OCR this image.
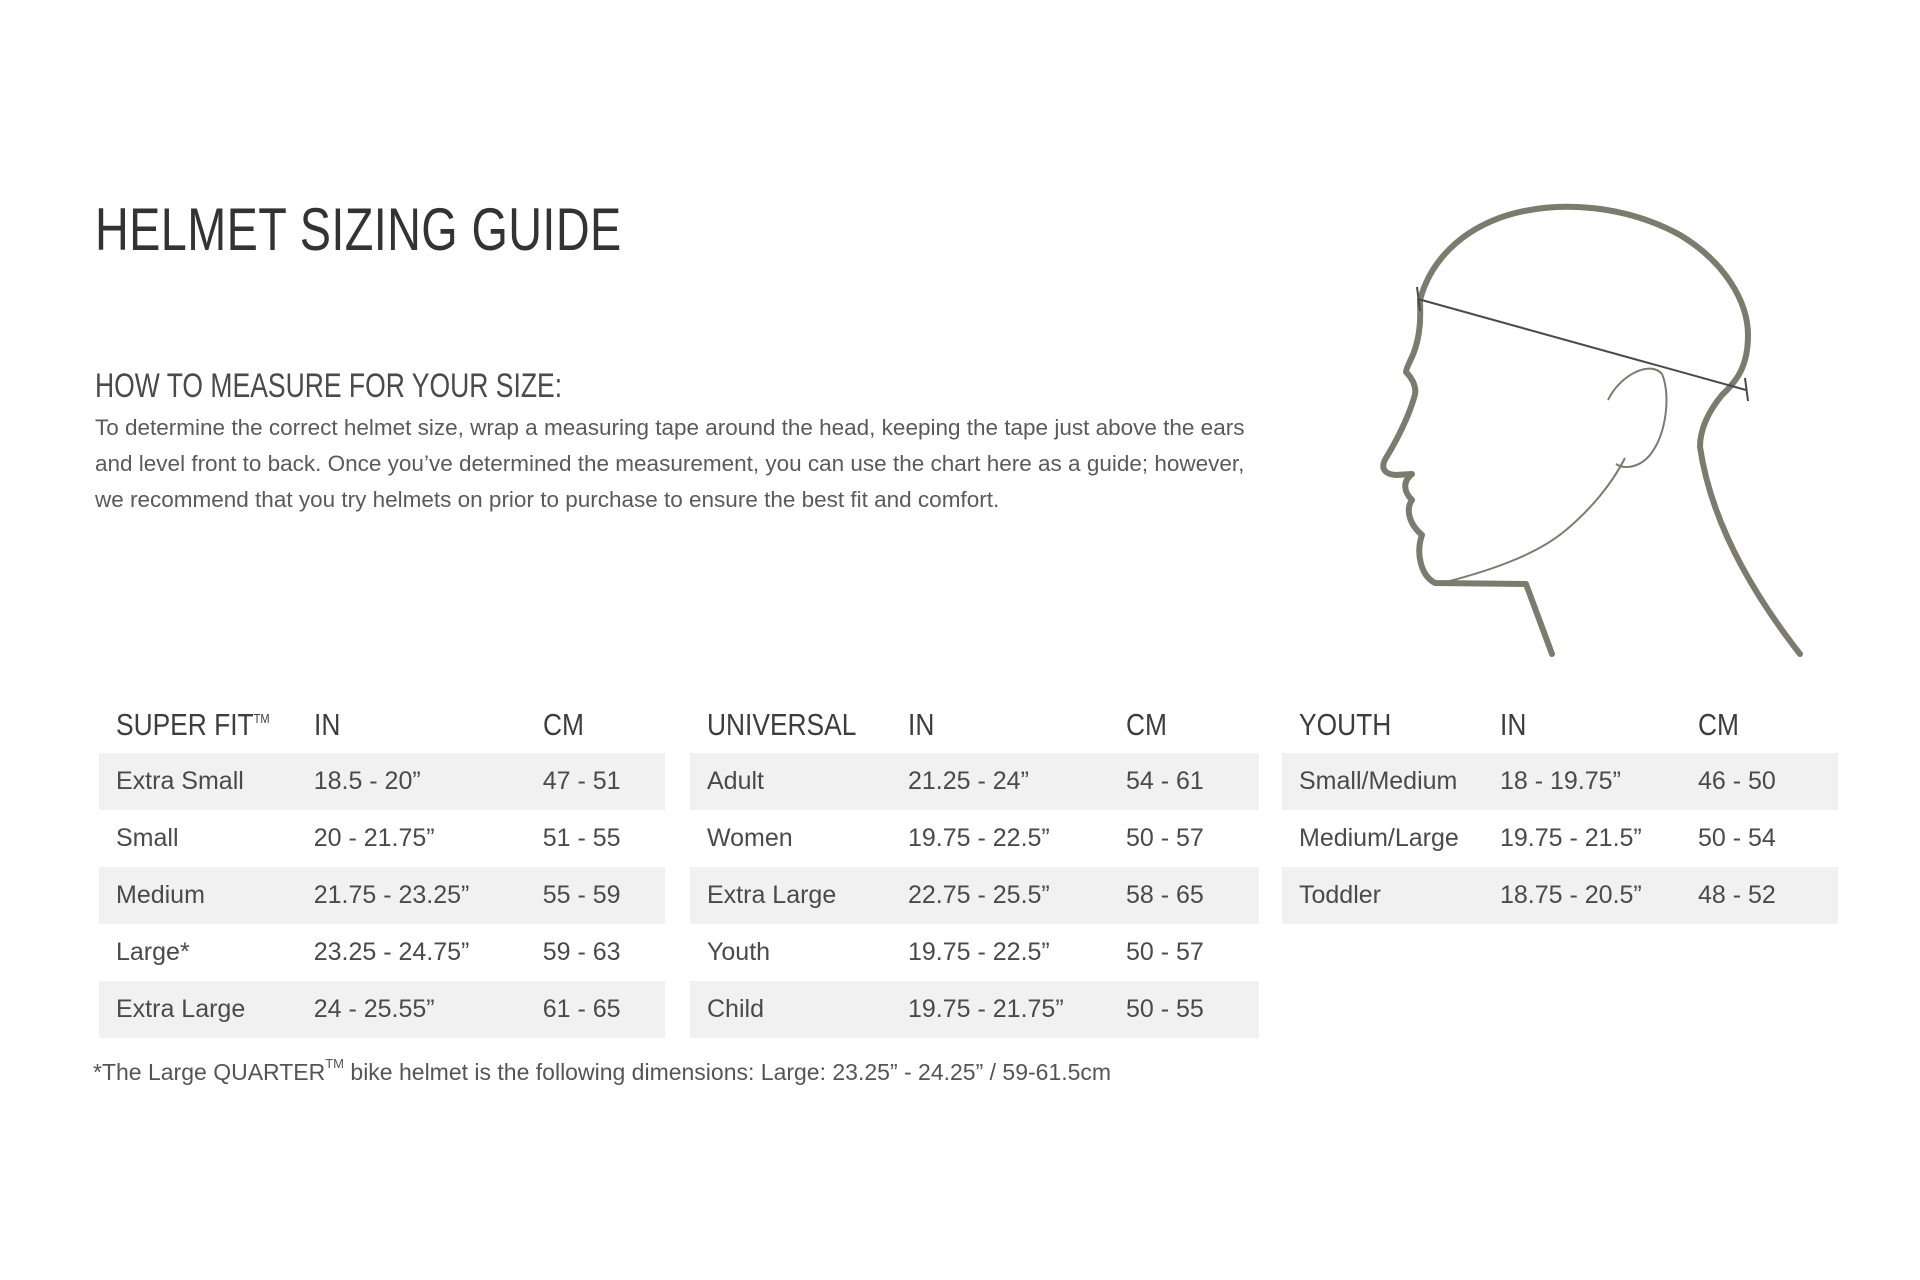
HELMET SIZING GUIDE
HOW TO MEASURE FOR YOUR SIZE:

To determine the correct helmet size, wrap a measuring tape around the head, keeping the tape just above the ears and level front to back. Once you’ve determined the measurement, you can use the chart here as a guide; however, we recommend that you try helmets on prior to purchase to ensure the best fit and comfort.

SUPER FIT™	IN	CM
Extra Small	18.5 - 20”	47 - 51
Small	20 - 21.75”	51 - 55
Medium	21.75 - 23.25”	55 - 59
Large*	23.25 - 24.75”	59 - 63
Extra Large	24 - 25.55”	61 - 65
UNIVERSAL	IN	CM
Adult	21.25 - 24”	54 - 61
Women	19.75 - 22.5”	50 - 57
Extra Large	22.75 - 25.5”	58 - 65
Youth	19.75 - 22.5”	50 - 57
Child	19.75 - 21.75”	50 - 55
YOUTH	IN	CM
Small/Medium	18 - 19.75”	46 - 50
Medium/Large	19.75 - 21.5”	50 - 54
Toddler	18.75 - 20.5”	48 - 52

*The Large QUARTER™ bike helmet is the following dimensions: Large: 23.25” - 24.25” / 59-61.5cm
